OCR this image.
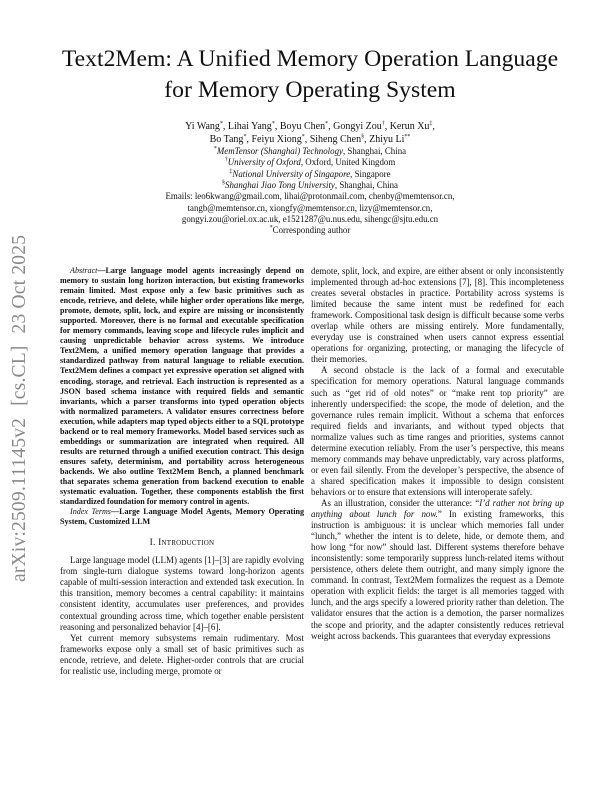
arXiv:2509.11145v2[cs.CL]23 Oct 2025
Text2Mem: A Unified Memory Operation Language
for Memory Operating System
Yi Wang*, Lihai Yang*, Boyu Chen*, Gongyi Zou†, Kerun Xu‡,
Bo Tang*, Feiyu Xiong*, Siheng Chen§, Zhiyu Li**
*MemTensor (Shanghai) Technology, Shanghai, China
†University of Oxford, Oxford, United Kingdom
‡National University of Singapore, Singapore
§Shanghai Jiao Tong University, Shanghai, China
Emails: leo6kwang@gmail.com, lihai@protonmail.com, chenby@memtensor.cn,
tangb@memtensor.cn, xiongfy@memtensor.cn, lizy@memtensor.cn,
gongyi.zou@oriel.ox.ac.uk, e1521287@u.nus.edu, sihengc@sjtu.edu.cn
*Corresponding author

Abstract—Large language model agents increasingly depend on memory to sustain long horizon interaction, but existing frameworks remain limited. Most expose only a few basic primitives such as encode, retrieve, and delete, while higher order operations like merge, promote, demote, split, lock, and expire are missing or inconsistently supported. Moreover, there is no formal and executable specification for memory commands, leaving scope and lifecycle rules implicit and causing unpredictable behavior across systems. We introduce Text2Mem, a unified memory operation language that provides a standardized pathway from natural language to reliable execution. Text2Mem defines a compact yet expressive operation set aligned with encoding, storage, and retrieval. Each instruction is represented as a JSON based schema instance with required fields and semantic invariants, which a parser transforms into typed operation objects with normalized parameters. A validator ensures correctness before execution, while adapters map typed objects either to a SQL prototype backend or to real memory frameworks. Model based services such as embeddings or summarization are integrated when required. All results are returned through a unified execution contract. This design ensures safety, determinism, and portability across heterogeneous backends. We also outline Text2Mem Bench, a planned benchmark that separates schema generation from backend execution to enable systematic evaluation. Together, these components establish the first standardized foundation for memory control in agents.

Index Terms—Large Language Model Agents, Memory Operating System, Customized LLM

I. Introduction

Large language model (LLM) agents [1]–[3] are rapidly evolving from single-turn dialogue systems toward long-horizon agents capable of multi-session interaction and extended task execution. In this transition, memory becomes a central capability: it maintains consistent identity, accumulates user preferences, and provides contextual grounding across time, which together enable persistent reasoning and personalized behavior [4]–[6].

Yet current memory subsystems remain rudimentary. Most frameworks expose only a small set of basic primitives such as encode, retrieve, and delete. Higher-order controls that are crucial for realistic use, including merge, promote or

demote, split, lock, and expire, are either absent or only inconsistently implemented through ad-hoc extensions [7], [8]. This incompleteness creates several obstacles in practice. Portability across systems is limited because the same intent must be redefined for each framework. Compositional task design is difficult because some verbs overlap while others are missing entirely. More fundamentally, everyday use is constrained when users cannot express essential operations for organizing, protecting, or managing the lifecycle of their memories.

A second obstacle is the lack of a formal and executable specification for memory operations. Natural language commands such as “get rid of old notes” or “make rent top priority” are inherently underspecified: the scope, the mode of deletion, and the governance rules remain implicit. Without a schema that enforces required fields and invariants, and without typed objects that normalize values such as time ranges and priorities, systems cannot determine execution reliably. From the user’s perspective, this means memory commands may behave unpredictably, vary across platforms, or even fail silently. From the developer’s perspective, the absence of a shared specification makes it impossible to design consistent behaviors or to ensure that extensions will interoperate safely.

As an illustration, consider the utterance: “I’d rather not bring up anything about lunch for now.” In existing frameworks, this instruction is ambiguous: it is unclear which memories fall under “lunch,” whether the intent is to delete, hide, or demote them, and how long “for now” should last. Different systems therefore behave inconsistently: some temporarily suppress lunch-related items without persistence, others delete them outright, and many simply ignore the command. In contrast, Text2Mem formalizes the request as a Demote operation with explicit fields: the target is all memories tagged with lunch, and the args specify a lowered priority rather than deletion. The validator ensures that the action is a demotion, the parser normalizes the scope and priority, and the adapter consistently reduces retrieval weight across backends. This guarantees that everyday expressions
